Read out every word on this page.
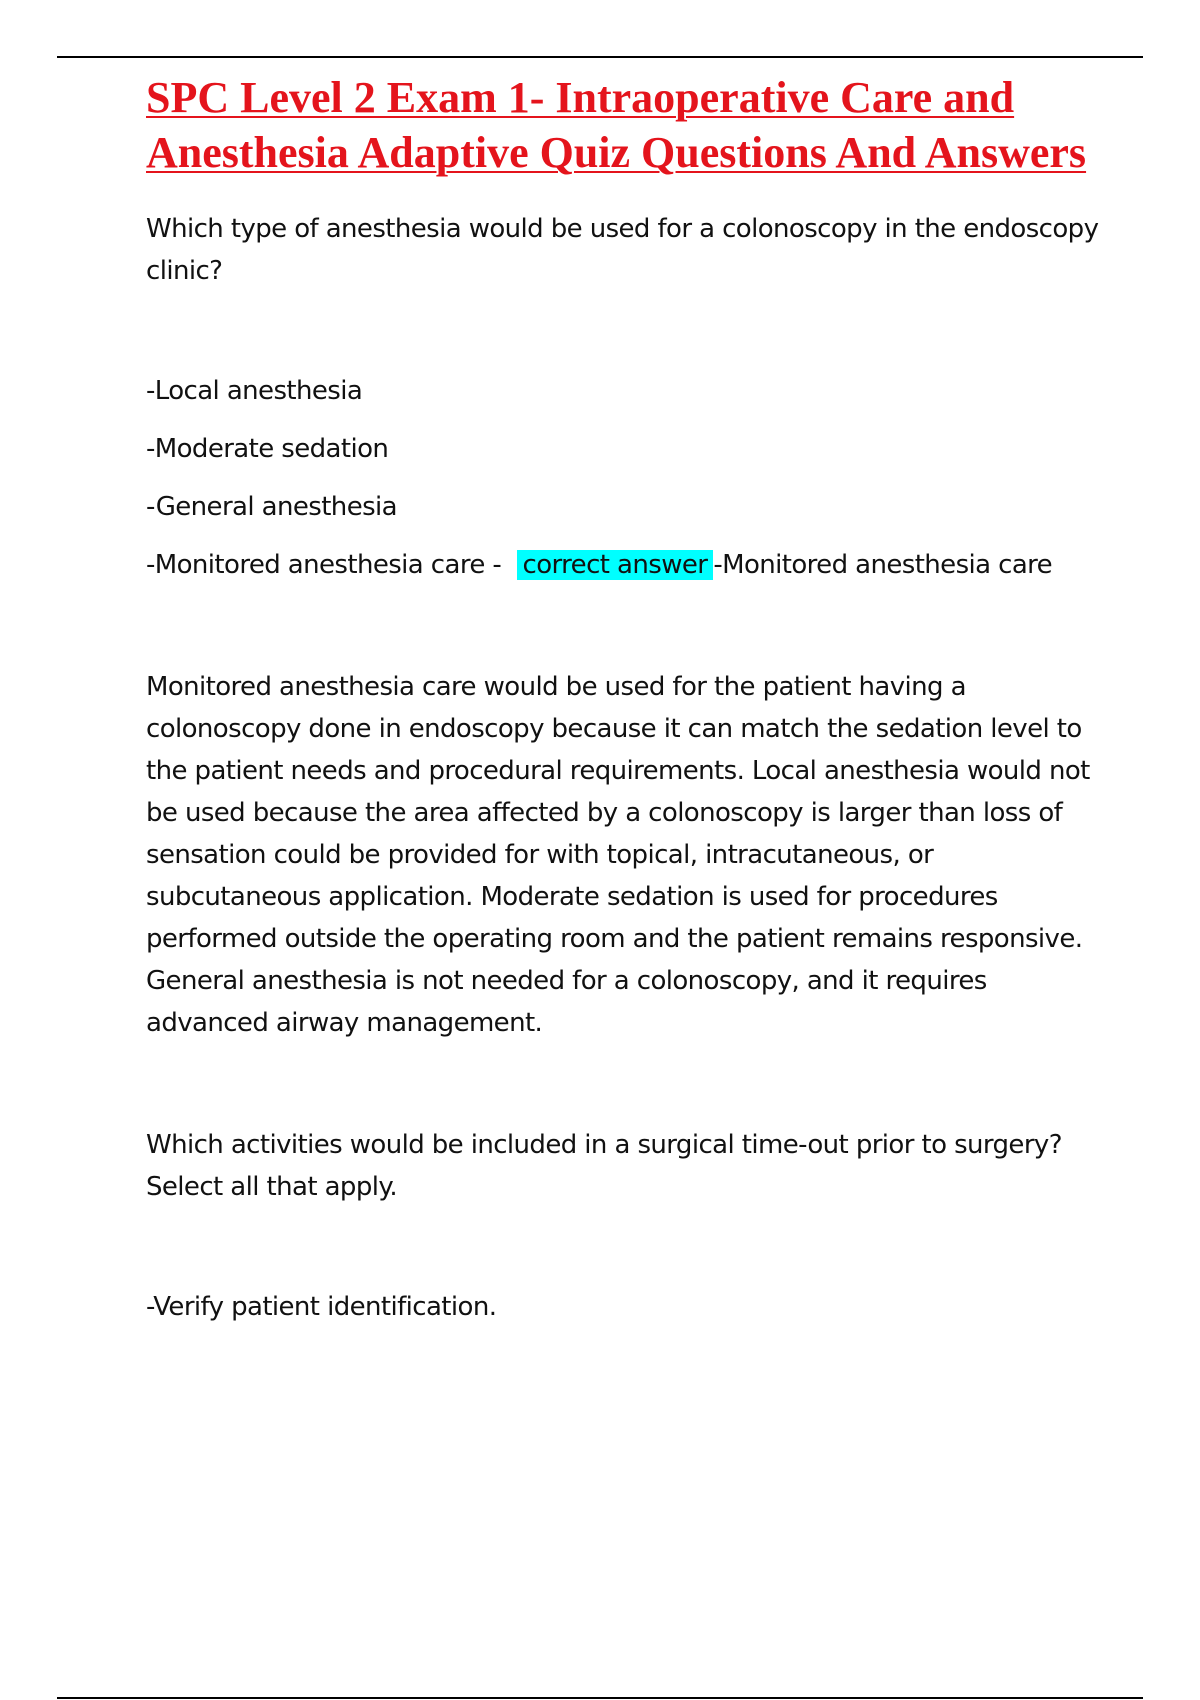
SPC Level 2 Exam 1- Intraoperative Care and Anesthesia Adaptive Quiz Questions And Answers

Which type of anesthesia would be used for a colonoscopy in the endoscopy clinic?

-Local anesthesia

-Moderate sedation

-General anesthesia

-Monitored anesthesia care - correct answer -Monitored anesthesia care

Monitored anesthesia care would be used for the patient having a colonoscopy done in endoscopy because it can match the sedation level to the patient needs and procedural requirements. Local anesthesia would not be used because the area affected by a colonoscopy is larger than loss of sensation could be provided for with topical, intracutaneous, or subcutaneous application. Moderate sedation is used for procedures performed outside the operating room and the patient remains responsive. General anesthesia is not needed for a colonoscopy, and it requires advanced airway management.

Which activities would be included in a surgical time-out prior to surgery? Select all that apply.

-Verify patient identification.
